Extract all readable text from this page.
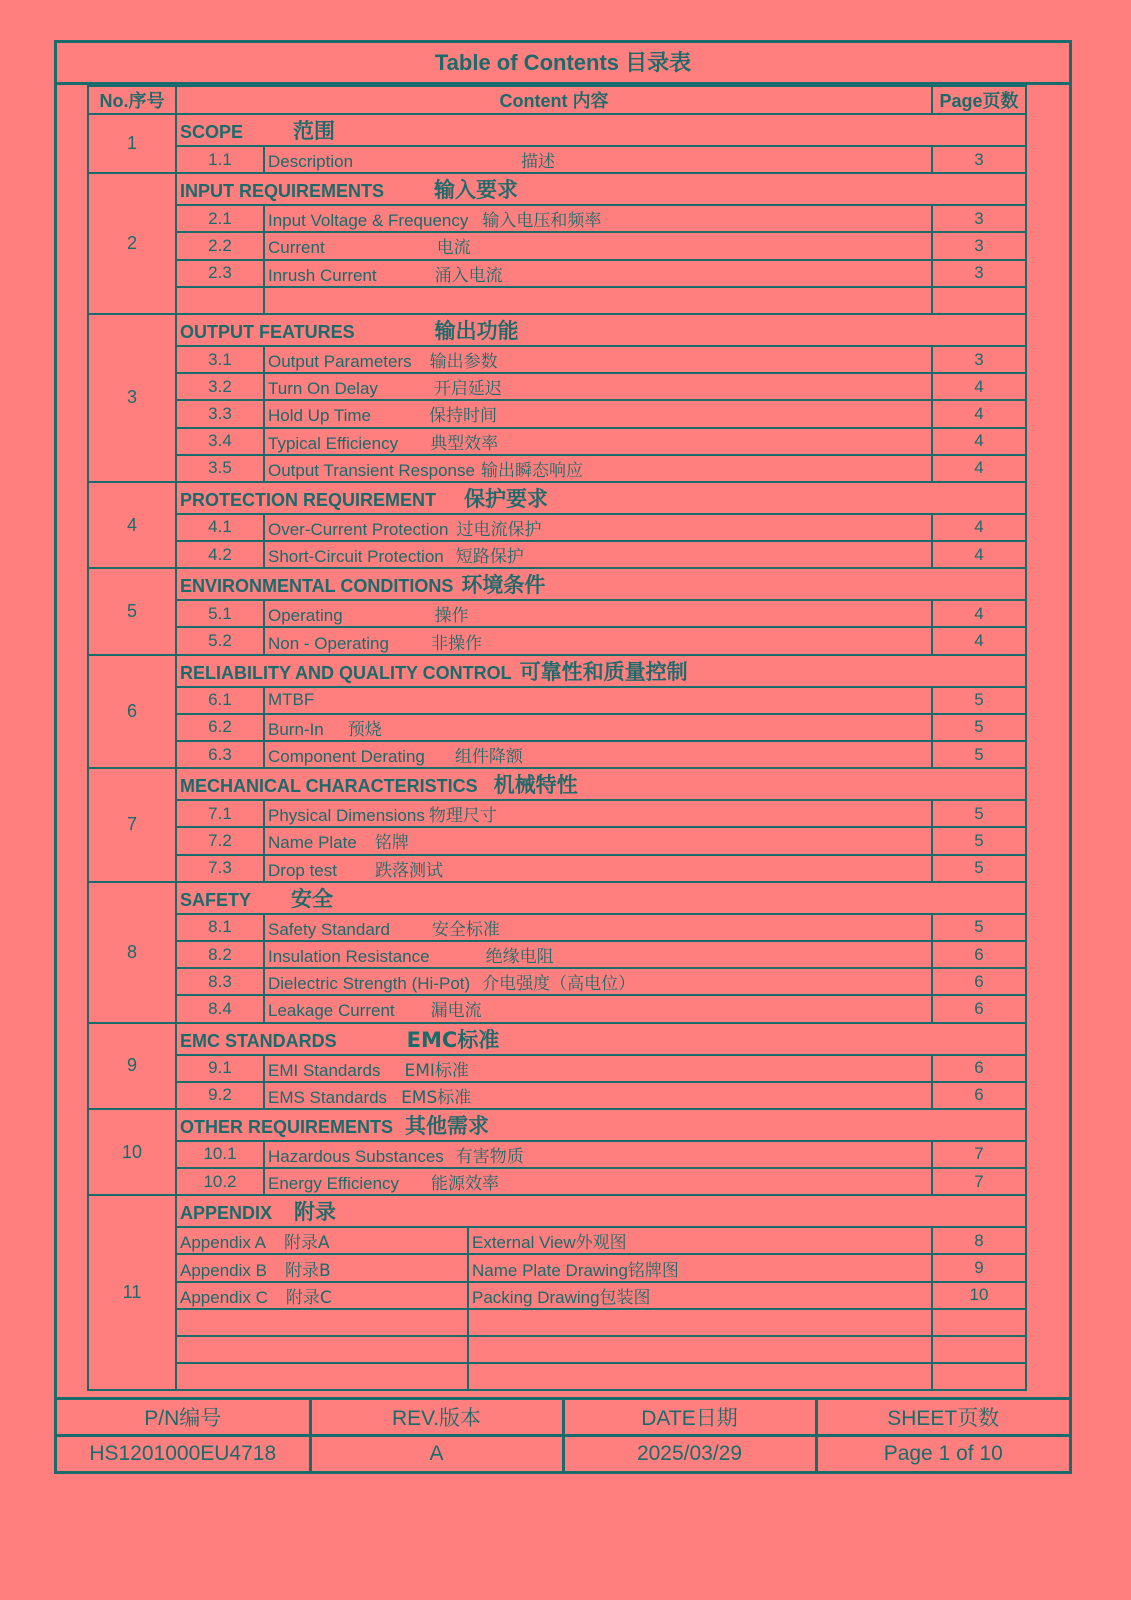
Table of Contents 目录表
No.序号	Content 内容			Page页数
1	SCOPE 范围			
	1.1	Description 描述		3
2	INPUT REQUIREMENTS 输入要求			
	2.1	Input Voltage & Frequency 输入电压和频率		3
	2.2	Current 电流		3
	2.3	Inrush Current 涌入电流		3

3	OUTPUT FEATURES 输出功能			
	3.1	Output Parameters 输出参数		3
	3.2	Turn On Delay 开启延迟		4
	3.3	Hold Up Time 保持时间		4
	3.4	Typical Efficiency 典型效率		4
	3.5	Output Transient Response 输出瞬态响应		4
4	PROTECTION REQUIREMENT 保护要求			
	4.1	Over-Current Protection 过电流保护		4
	4.2	Short-Circuit Protection 短路保护		4
5	ENVIRONMENTAL CONDITIONS 环境条件			
	5.1	Operating 操作		4
	5.2	Non - Operating 非操作		4
6	RELIABILITY AND QUALITY CONTROL 可靠性和质量控制			
	6.1	MTBF		5
	6.2	Burn-In 预烧		5
	6.3	Component Derating 组件降额		5
7	MECHANICAL CHARACTERISTICS 机械特性			
	7.1	Physical Dimensions 物理尺寸		5
	7.2	Name Plate 铭牌		5
	7.3	Drop test 跌落测试		5
8	SAFETY 安全			
	8.1	Safety Standard 安全标准		5
	8.2	Insulation Resistance 绝缘电阻		6
	8.3	Dielectric Strength (Hi-Pot) 介电强度（高电位）		6
	8.4	Leakage Current 漏电流		6
9	EMC STANDARDS EMC标准			
	9.1	EMI Standards EMI标准		6
	9.2	EMS Standards EMS标准		6
10	OTHER REQUIREMENTS 其他需求			
	10.1	Hazardous Substances 有害物质		7
	10.2	Energy Efficiency 能源效率		7
11	APPENDIX 附录			
	Appendix A 附录A		External View外观图	8
	Appendix B 附录B		Name Plate Drawing铭牌图	9
	Appendix C 附录C		Packing Drawing包装图	10

P/N编号	REV.版本	DATE日期	SHEET页数
HS1201000EU4718	A	2025/03/29	Page 1 of 10
